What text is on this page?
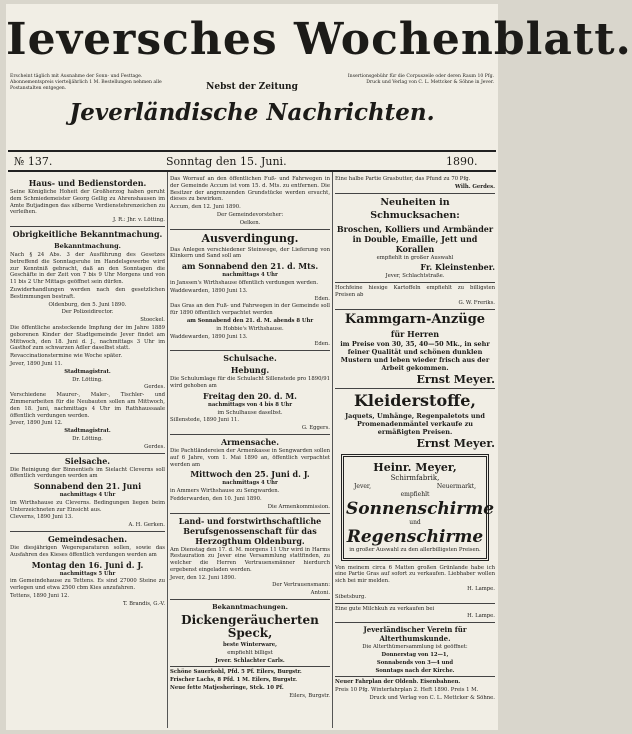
Ieversches Wochenblatt.
Erscheint täglich mit Ausnahme der Sonn- und Festtage. Abonnementspreis vierteljährlich 1 M. Bestellungen nehmen alle Postanstalten entgegen.
Insertionsgebühr für die Corpuszeile oder deren Raum 10 Pfg. Druck und Verlag von C. L. Mettcker & Söhne in Jever.
Nebst der Zeitung
Jeverländische Nachrichten.
№ 137.	Sonntag den 15. Juni.	1890.
Haus- und Bedienstorden.

Seine Königliche Hoheit der Großherzog haben geruht dem Schmiedemeister Georg Gellig zu Ahrenshausen im Amte Butjadingen das silberne Verdienstehrenzeichen zu verleihen.

J. R.: Jhr. v. Lötting.

Obrigkeitliche Bekanntmachung.
Bekanntmachung.

Nach § 24 Abs. 3 der Ausführung des Gesetzes betreffend die Sonntagsruhe im Handelsgewerbe wird zur Kenntniß gebracht, daß an den Sonntagen die Geschäfte in der Zeit von 7 bis 9 Uhr Morgens und von 11 bis 2 Uhr Mittags geöffnet sein dürfen.

Zuwiderhandlungen werden nach den gesetzlichen Bestimmungen bestraft.

Oldenburg, den 5. Juni 1890.

Der Polizeidirector.

Stoeckel.

Die öffentliche ansteckende Impfung der im Jahre 1889 geborenen Kinder der Stadtgemeinde Jever findet am Mittwoch, den 18. Juni d. J., nachmittags 3 Uhr im Gasthof zum schwarzen Adler daselbst statt.

Revaccinationstermine wie Woche später.

Jever, 1890 Juni 11.

Stadtmagistrat.

Dr. Lötting.

Gerdes.

Verschiedene Maurer-, Maler-, Tischler- und Zimmerarbeiten für die Neubauten sollen am Mittwoch, den 18. Juni, nachmittags 4 Uhr im Rathhaussaale öffentlich verdungen werden.

Jever, 1890 Juni 12.

Stadtmagistrat.

Dr. Lötting.

Gerdes.

Sielsache.

Die Reinigung der Binnentiefs im Sielacht Cleverns soll öffentlich verdungen werden am

Sonnabend den 21. Juni

nachmittags 4 Uhr

im Wirthshause zu Cleverns. Bedingungen liegen beim Unterzeichneten zur Einsicht aus.

Cleverns, 1890 Juni 13.

A. H. Gerken.

Gemeindesachen.

Die diesjährigen Wegereparaturen sollen, sowie das Ausfahren des Kieses öffentlich verdungen werden am

Montag den 16. Juni d. J.

nachmittags 5 Uhr

im Gemeindehause zu Tettens. Es sind 27000 Steine zu verlegen und etwa 2500 cbm Kies anzufahren.

Tettens, 1890 Juni 12.

T. Brandis, G.-V.

Das Worrauf an den öffentlichen Fuß- und Fahrwegen in der Gemeinde Accum ist vom 15. d. Mts. zu entfernen. Die Besitzer der angrenzenden Grundstücke werden ersucht, dieses zu bewirken.

Accum, den 12. Juni 1890.

Der Gemeindevorsteher:

Oelken.

Ausverdingung.

Das Anlegen verschiedener Steinwege, der Lieferung von Klinkern und Sand soll am

am Sonnabend den 21. d. Mts.

nachmittags 4 Uhr

in Janssen's Wirthshause öffentlich verdungen werden.

Waddewarden, 1890 Juni 13.

Eden.

Das Gras an den Fuß- und Fahrwegen in der Gemeinde soll für 1890 öffentlich verpachtet werden

am Sonnabend den 21. d. M. abends 8 Uhr

in Hobbie's Wirthshause.

Waddewarden, 1890 Juni 13.

Eden.

Schulsache.
Hebung.

Die Schulumlage für die Schulacht Sillenstede pro 1890/91 wird gehoben am

Freitag den 20. d. M.

nachmittags von 4 bis 8 Uhr

im Schulhause daselbst.

Sillenstede, 1890 Juni 11.

G. Eggers.

Armensache.

Die Pachtländereien der Armenkasse in Sengwarden sollen auf 6 Jahre, vom 1. Mai 1890 an, öffentlich verpachtet werden am

Mittwoch den 25. Juni d. J.

nachmittags 4 Uhr

in Ammers Wirthshause zu Sengwarden.

Fedderwarden, den 10. Juni 1890.

Die Armenkommission.

Land- und forstwirthschaftliche Berufsgenossenschaft für das Herzogthum Oldenburg.

Am Dienstag den 17. d. M. morgens 11 Uhr wird in Harms Restauration zu Jever eine Versammlung stattfinden, zu welcher die Herren Vertrauensmänner hierdurch ergebenst eingeladen werden.

Jever, den 12. Juni 1890.

Der Vertrauensmann:

Antoni.

Bekanntmachungen.
Dickengeräucherten Speck,

beste Winterware,

empfiehlt billigst

Jever. Schlachter Carls.

Schöne Sauerkohl, Pfd. 5 Pf. Eilers, Burgstr.

Frischer Lachs, 8 Pfd. 1 M. Eilers, Burgstr.

Neue fette Matjesheringe, Stck. 10 Pf.

Eilers, Burgstr.

Eine halbe Partie Grasbutter, das Pfund zu 70 Pfg.

Wilh. Gerdes.

Neuheiten in Schmucksachen:

Broschen, Kolliers und Armbänder in Double, Emaille, Jett und Korallen

empfiehlt in großer Auswahl

Fr. Kleinstenber.

Jever, Schlachtstraße.

Hochfeine hiesige Kartoffeln empfiehlt zu billigsten Preisen ab

G. W. Freriks.

Kammgarn-Anzüge

für Herren

im Preise von 30, 35, 40—50 Mk., in sehr feiner Qualität und schönen dunklen Mustern und leben wieder frisch aus der Arbeit gekommen.

Ernst Meyer.

Kleiderstoffe,

Jaquets, Umhänge, Regenpaletots und Promenadenmäntel verkaufe zu ermäßigten Preisen.

Ernst Meyer.

Heinr. Meyer,
Schirmfabrik,
Jever,	Neuermarkt,
empfiehlt
Sonnenschirme
und
Regenschirme
in großer Auswahl zu den allerbilligsten Preisen.

Von meinem circa 6 Matten großen Grünlande habe ich eine Partie Gras auf sofort zu verkaufen. Liebhaber wollen sich bei mir melden.

H. Lampe.

Sibetsburg.

Eine gute Milchkuh zu verkaufen bei

H. Lampe.

Jeverländischer Verein für Alterthumskunde.

Die Alterthümersammlung ist geöffnet:

Donnerstag von 12—1,

Sonnabends von 3—4 und

Sonntags nach der Kirche.

Neuer Fahrplan der Oldenb. Eisenbahnen.

Preis 10 Pfg. Winterfahrplan 2. Heft 1890. Preis 1 M.

Druck und Verlag von C. L. Mettcker & Söhne.
